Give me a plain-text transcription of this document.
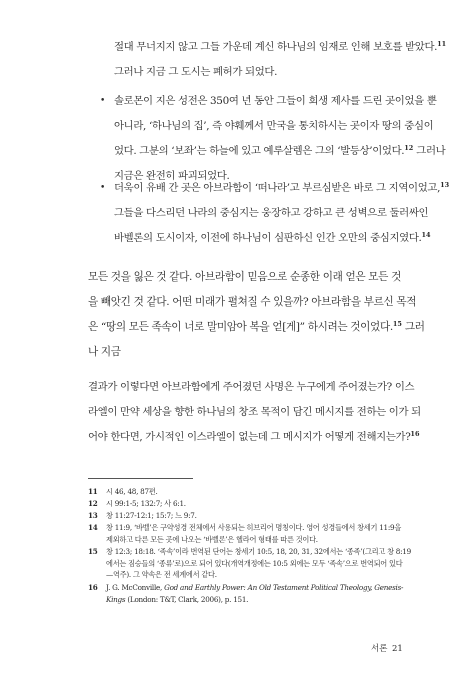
절대 무너지지 않고 그들 가운데 계신 하나님의 임재로 인해 보호를 받았다.$^{11}$
그러나 지금 그 도시는 폐허가 되었다.
• 솔로몬이 지은 성전은 350여 년 동안 그들이 희생 제사를 드린 곳이었을 뿐
아니라, ‘하나님의 집’, 즉 야훼께서 만국을 통치하시는 곳이자 땅의 중심이
었다. 그분의 ‘보좌’는 하늘에 있고 예루살렘은 그의 ‘발등상’이었다.$^{12}$ 그러나
지금은 완전히 파괴되었다.
• 더욱이 유배 간 곳은 아브라함이 ‘떠나라’고 부르심받은 바로 그 지역이었고,$^{13}$
그들을 다스리던 나라의 중심지는 웅장하고 강하고 큰 성벽으로 둘러싸인
바벨론의 도시이자, 이전에 하나님이 심판하신 인간 오만의 중심지였다.$^{14}$
모든 것을 잃은 것 같다. 아브라함이 믿음으로 순종한 이래 얻은 모든 것
을 빼앗긴 것 같다. 어떤 미래가 펼쳐질 수 있을까? 아브라함을 부르신 목적
은 “땅의 모든 족속이 너로 말미암아 복을 얻[게]” 하시려는 것이었다.$^{15}$ 그러
나 지금
결과가 이렇다면 아브라함에게 주어졌던 사명은 누구에게 주어졌는가? 이스
라엘이 만약 세상을 향한 하나님의 창조 목적이 담긴 메시지를 전하는 이가 되
어야 한다면, 가시적인 이스라엘이 없는데 그 메시지가 어떻게 전해지는가?$^{16}$
11 시 46, 48, 87편.
12 시 99:1-5; 132:7; 사 6:1.
13 창 11:27-12:1; 15:7; 느 9:7.
14 창 11:9, ‘바벨’은 구약성경 전체에서 사용되는 히브리어 명칭이다. 영어 성경들에서 창세기 11:9을
제외하고 다른 모든 곳에 나오는 ‘바벨론’은 헬라어 형태를 따른 것이다.
15 창 12:3; 18:18. ‘족속’이라 번역된 단어는 창세기 10:5, 18, 20, 31, 32에서는 ‘종족’(그리고 창 8:19
에서는 짐승들의 ‘종류’로)으로 되어 있다(개역개정에는 10:5 외에는 모두 ‘족속’으로 번역되어 있다
—역주). 그 약속은 전 세계에서 같다.
16 J. G. McConville, God and Earthly Power: An Old Testament Political Theology, Genesis-
Kings (London: T&T, Clark, 2006), p. 151.
서론 21
